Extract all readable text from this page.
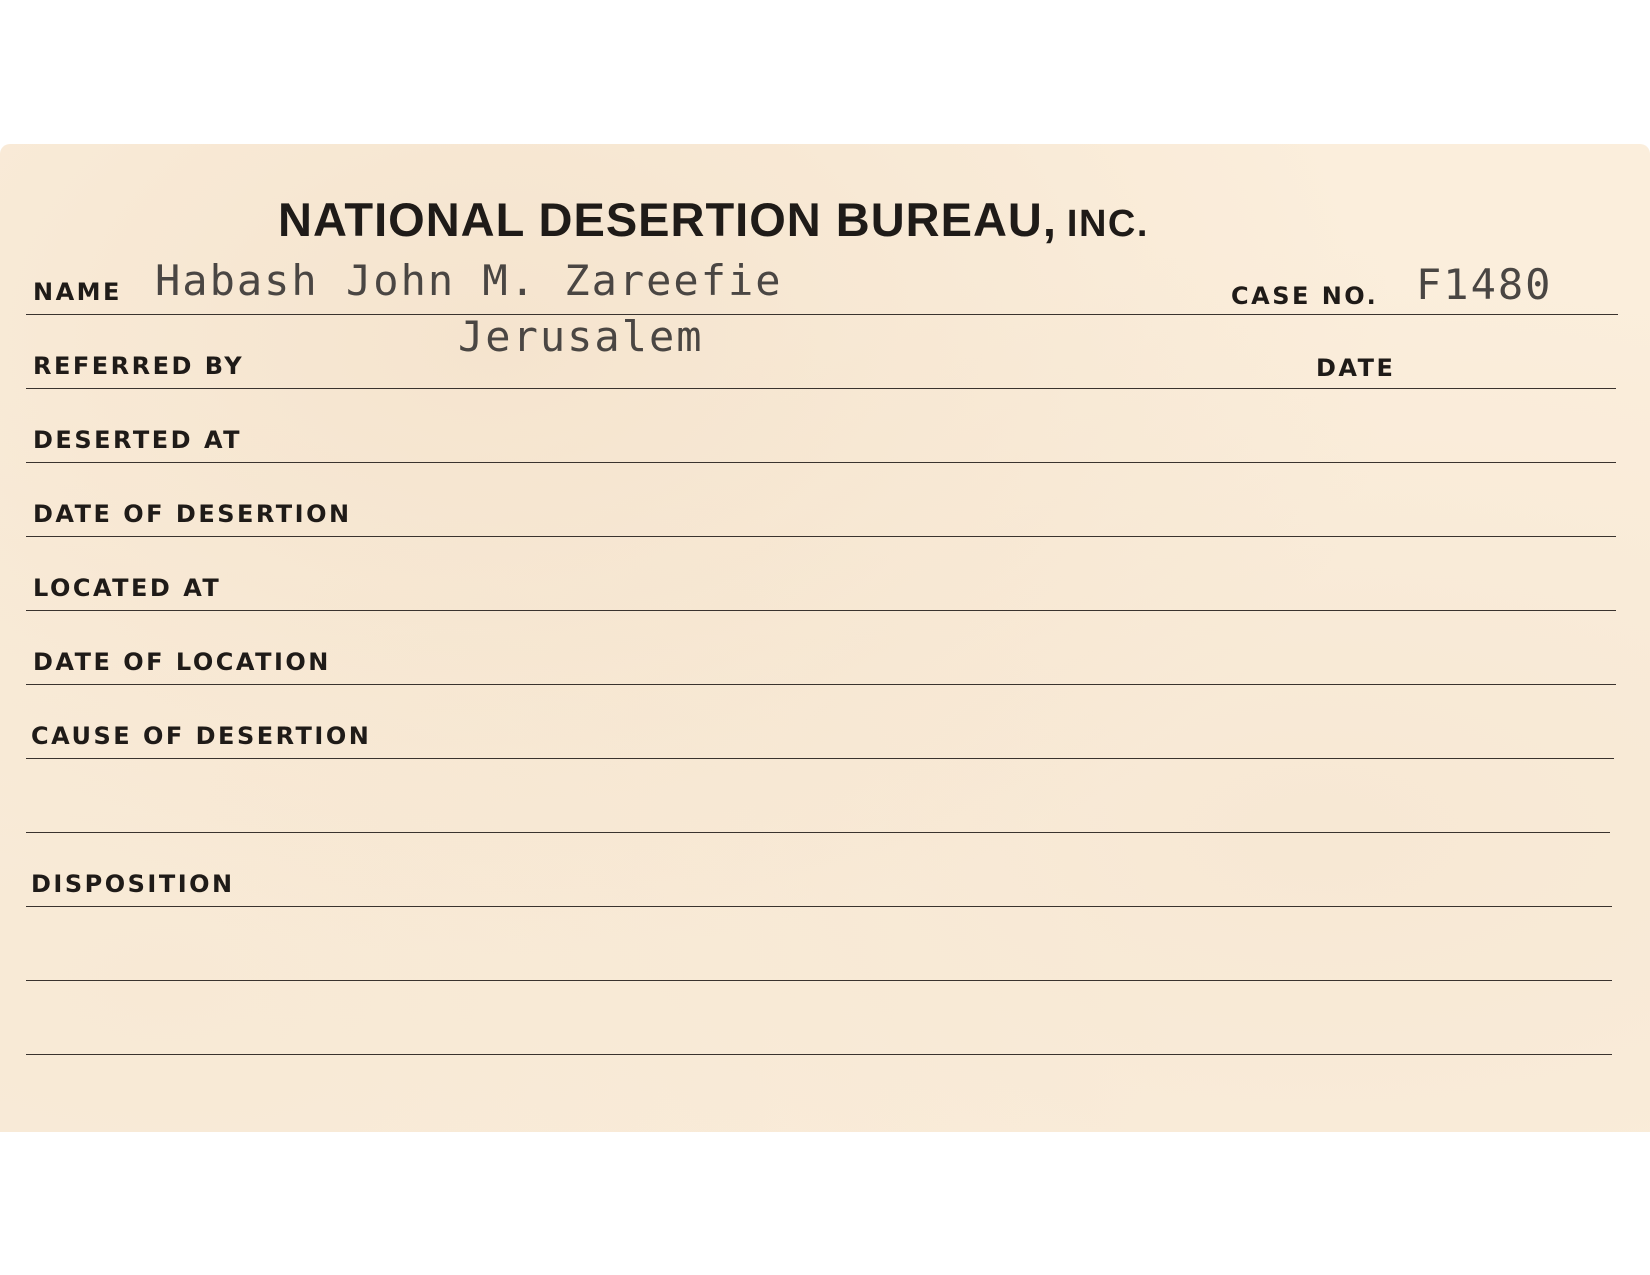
NATIONAL DESERTION BUREAU, INC.
NAME Habash John M. Zareefie	CASE NO. F1480
Jerusalem
REFERRED BY	DATE
DESERTED AT
DATE OF DESERTION
LOCATED AT
DATE OF LOCATION
CAUSE OF DESERTION
DISPOSITION
